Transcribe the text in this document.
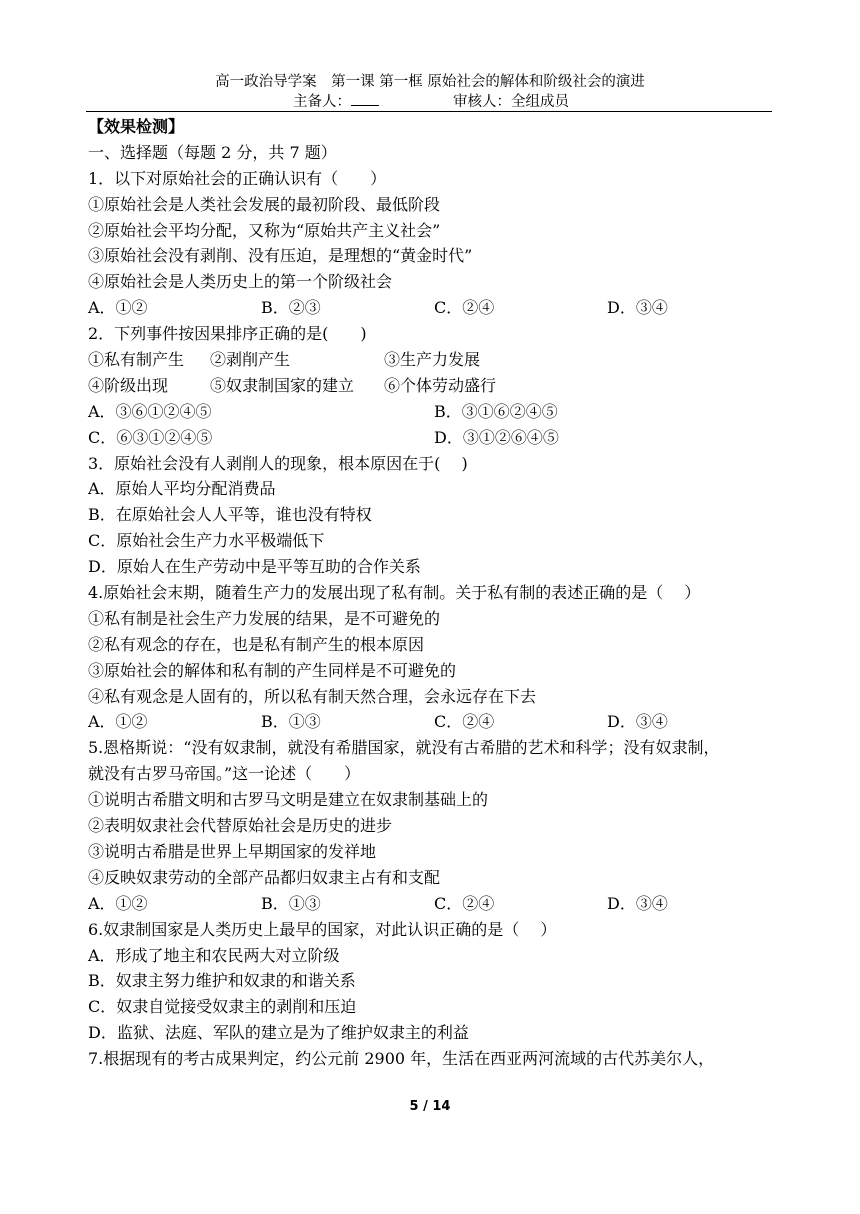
高一政治导学案　第一课 第一框 原始社会的解体和阶级社会的演进
主备人：	审核人：全组成员
【效果检测】
一、选择题（每题 2 分，共 7 题）
1．以下对原始社会的正确认识有（　　）
①原始社会是人类社会发展的最初阶段、最低阶段
②原始社会平均分配，又称为“原始共产主义社会”
③原始社会没有剥削、没有压迫，是理想的“黄金时代”
④原始社会是人类历史上的第一个阶级社会
A．①②	B．②③	C．②④	D．③④
2．下列事件按因果排序正确的是(　　)
①私有制产生 ②剥削产生	③生产力发展
④阶级出现	⑤奴隶制国家的建立 ⑥个体劳动盛行
A．③⑥①②④⑤	B．③①⑥②④⑤
C．⑥③①②④⑤	D．③①②⑥④⑤
3．原始社会没有人剥削人的现象，根本原因在于(　 )
A．原始人平均分配消费品
B．在原始社会人人平等，谁也没有特权
C．原始社会生产力水平极端低下
D．原始人在生产劳动中是平等互助的合作关系
4.原始社会末期，随着生产力的发展出现了私有制。关于私有制的表述正确的是（　 ）
①私有制是社会生产力发展的结果，是不可避免的
②私有观念的存在，也是私有制产生的根本原因
③原始社会的解体和私有制的产生同样是不可避免的
④私有观念是人固有的，所以私有制天然合理，会永远存在下去
A．①②	B．①③	C．②④	D．③④
5.恩格斯说：“没有奴隶制，就没有希腊国家，就没有古希腊的艺术和科学；没有奴隶制，
就没有古罗马帝国。”这一论述（　　）
①说明古希腊文明和古罗马文明是建立在奴隶制基础上的
②表明奴隶社会代替原始社会是历史的进步
③说明古希腊是世界上早期国家的发祥地
④反映奴隶劳动的全部产品都归奴隶主占有和支配
A．①②	B．①③	C．②④	D．③④
6.奴隶制国家是人类历史上最早的国家，对此认识正确的是（　 ）
A．形成了地主和农民两大对立阶级
B．奴隶主努力维护和奴隶的和谐关系
C．奴隶自觉接受奴隶主的剥削和压迫
D．监狱、法庭、军队的建立是为了维护奴隶主的利益
7.根据现有的考古成果判定，约公元前 2900 年，生活在西亚两河流域的古代苏美尔人，
5 / 14
